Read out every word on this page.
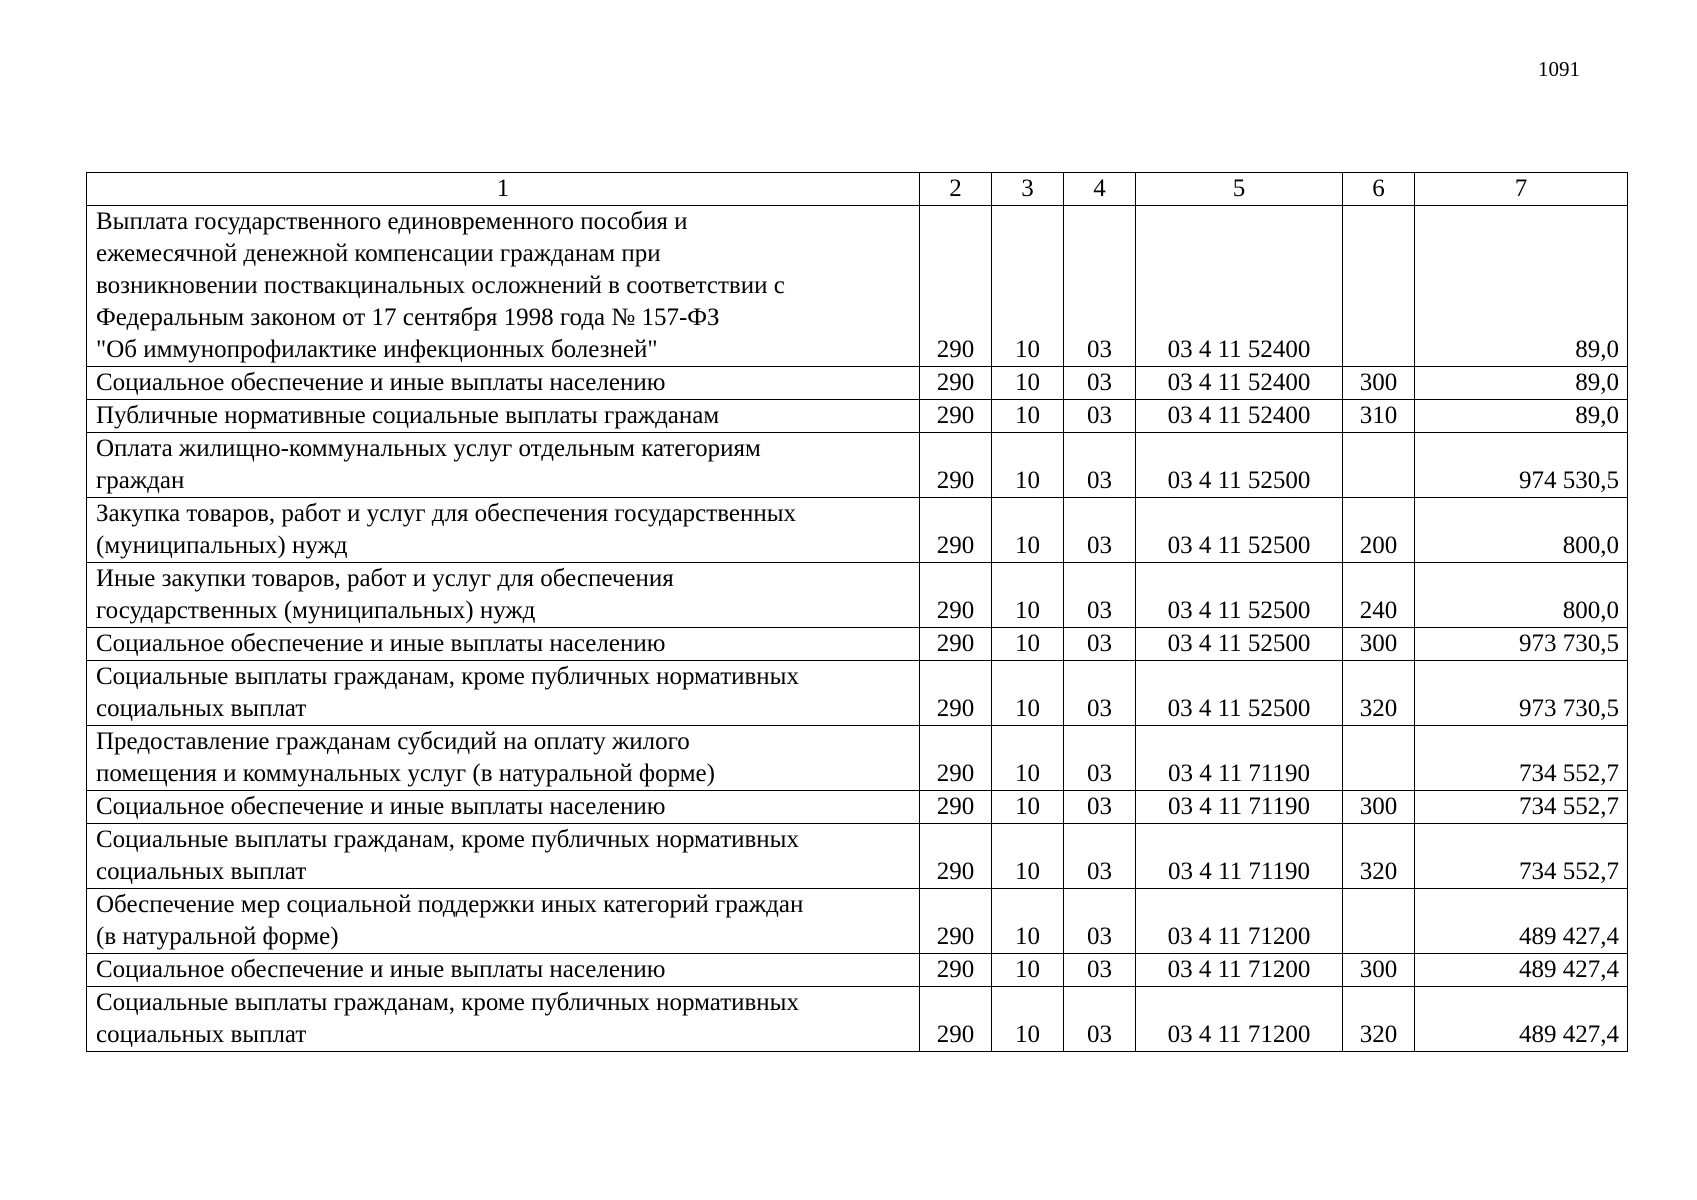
1091
1	2	3	4	5	6	7

Выплата государственного единовременного пособия и
ежемесячной денежной компенсации гражданам при
возникновении поствакцинальных осложнений в соответствии с
Федеральным законом от 17 сентября 1998 года № 157-ФЗ
"Об иммунопрофилактике инфекционных болезней"	290	10	03	03 4 11 52400		89,0

Социальное обеспечение и иные выплаты населению	290	10	03	03 4 11 52400	300	89,0

Публичные нормативные социальные выплаты гражданам	290	10	03	03 4 11 52400	310	89,0

Оплата жилищно-коммунальных услуг отдельным категориям
граждан	290	10	03	03 4 11 52500		974 530,5

Закупка товаров, работ и услуг для обеспечения государственных
(муниципальных) нужд	290	10	03	03 4 11 52500	200	800,0

Иные закупки товаров, работ и услуг для обеспечения
государственных (муниципальных) нужд	290	10	03	03 4 11 52500	240	800,0

Социальное обеспечение и иные выплаты населению	290	10	03	03 4 11 52500	300	973 730,5

Социальные выплаты гражданам, кроме публичных нормативных
социальных выплат	290	10	03	03 4 11 52500	320	973 730,5

Предоставление гражданам субсидий на оплату жилого
помещения и коммунальных услуг (в натуральной форме)	290	10	03	03 4 11 71190		734 552,7

Социальное обеспечение и иные выплаты населению	290	10	03	03 4 11 71190	300	734 552,7

Социальные выплаты гражданам, кроме публичных нормативных
социальных выплат	290	10	03	03 4 11 71190	320	734 552,7

Обеспечение мер социальной поддержки иных категорий граждан
(в натуральной форме)	290	10	03	03 4 11 71200		489 427,4

Социальное обеспечение и иные выплаты населению	290	10	03	03 4 11 71200	300	489 427,4

Социальные выплаты гражданам, кроме публичных нормативных
социальных выплат	290	10	03	03 4 11 71200	320	489 427,4
